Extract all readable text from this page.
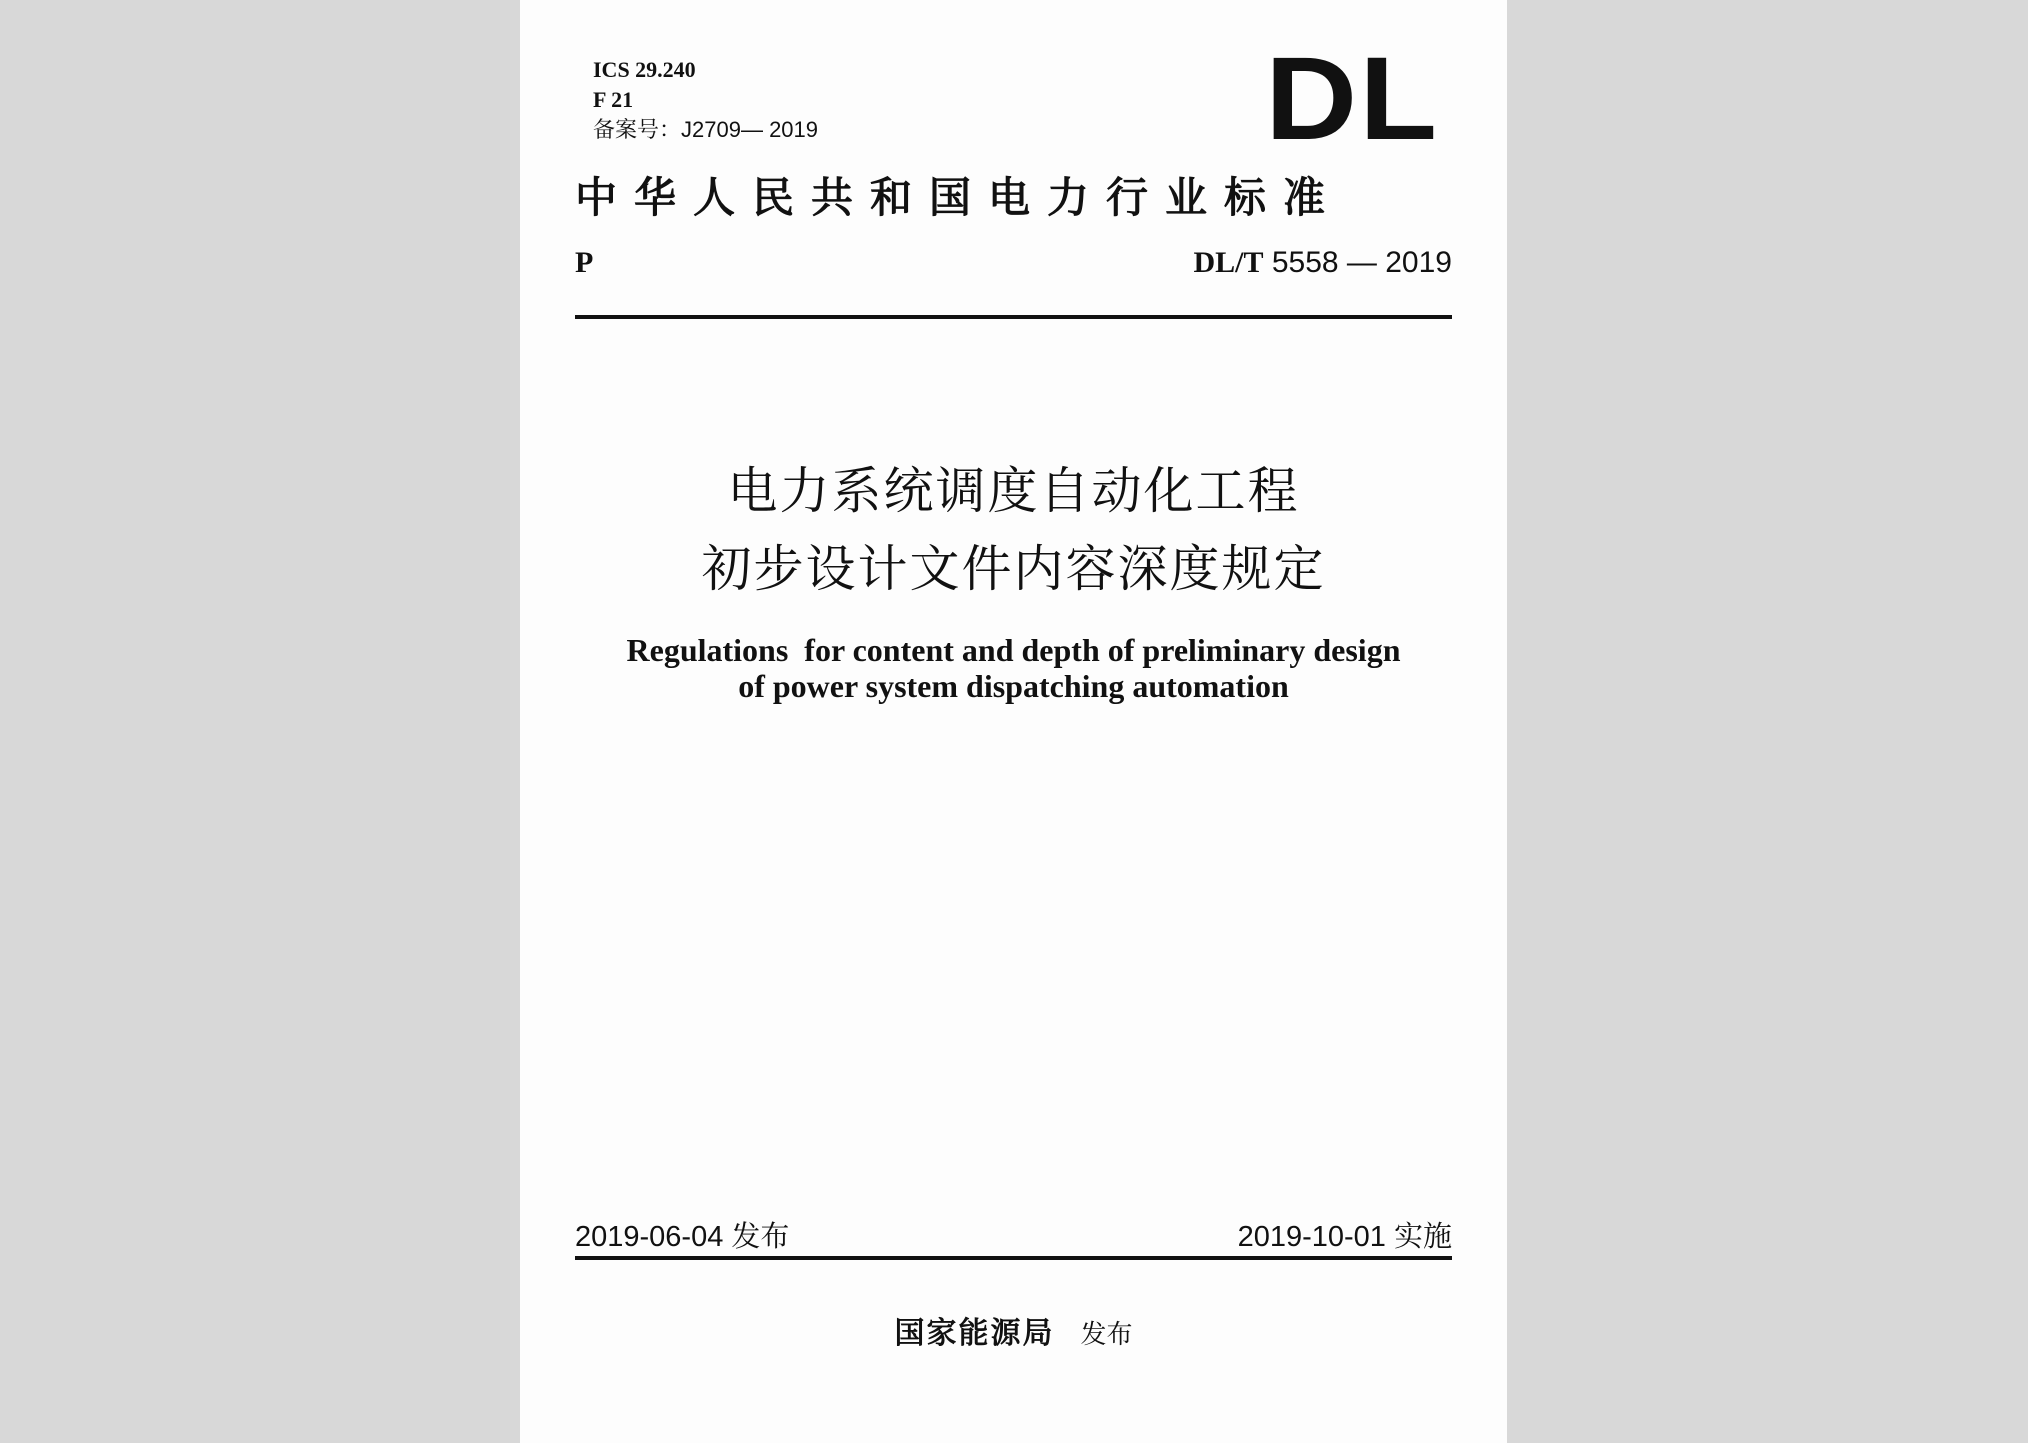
ICS 29.240
F 21
备案号：J2709— 2019	DL
中华人民共和国电力行业标准
P	DL/T 5558 — 2019
电力系统调度自动化工程
初步设计文件内容深度规定
Regulations  for content and depth of preliminary design
of power system dispatching automation
2019-06-04 发布	2019-10-01 实施
国家能源局 发布
